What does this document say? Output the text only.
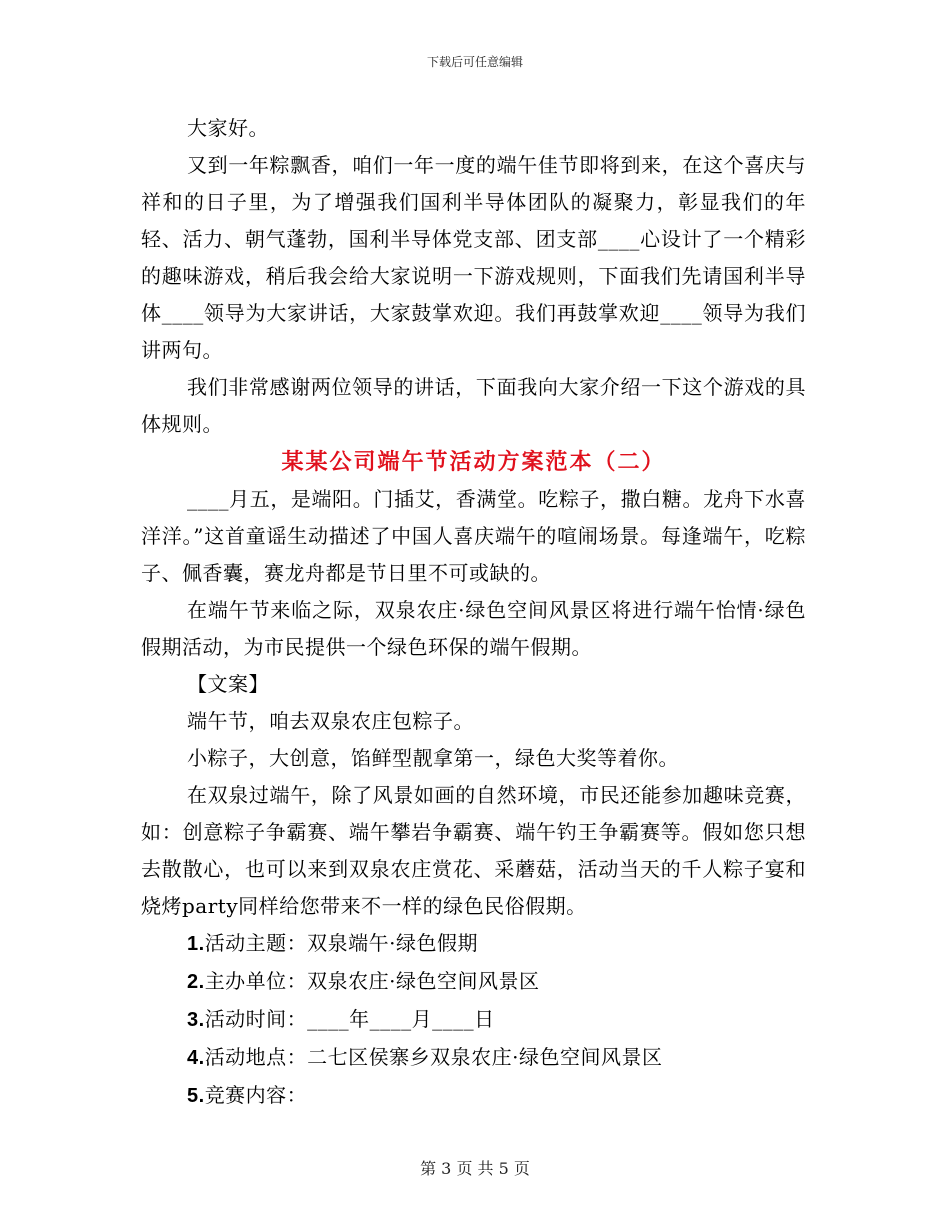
下载后可任意编辑

大家好。

又到一年粽飘香，咱们一年一度的端午佳节即将到来，在这个喜庆与祥和的日子里，为了增强我们国利半导体团队的凝聚力，彰显我们的年轻、活力、朝气蓬勃，国利半导体党支部、团支部____心设计了一个精彩的趣味游戏，稍后我会给大家说明一下游戏规则，下面我们先请国利半导体____领导为大家讲话，大家鼓掌欢迎。我们再鼓掌欢迎____领导为我们讲两句。

我们非常感谢两位领导的讲话，下面我向大家介绍一下这个游戏的具体规则。

某某公司端午节活动方案范本（二）

____月五，是端阳。门插艾，香满堂。吃粽子，撒白糖。龙舟下水喜洋洋。”这首童谣生动描述了中国人喜庆端午的喧闹场景。每逢端午，吃粽子、佩香囊，赛龙舟都是节日里不可或缺的。

在端午节来临之际，双泉农庄·绿色空间风景区将进行端午怡情·绿色假期活动，为市民提供一个绿色环保的端午假期。

【文案】

端午节，咱去双泉农庄包粽子。

小粽子，大创意，馅鲜型靓拿第一，绿色大奖等着你。

在双泉过端午，除了风景如画的自然环境，市民还能参加趣味竞赛，如：创意粽子争霸赛、端午攀岩争霸赛、端午钓王争霸赛等。假如您只想去散散心，也可以来到双泉农庄赏花、采蘑菇，活动当天的千人粽子宴和烧烤party同样给您带来不一样的绿色民俗假期。

1.活动主题：双泉端午·绿色假期

2.主办单位：双泉农庄·绿色空间风景区

3.活动时间：____年____月____日

4.活动地点：二七区侯寨乡双泉农庄·绿色空间风景区

5.竞赛内容：

第 3 页 共 5 页
